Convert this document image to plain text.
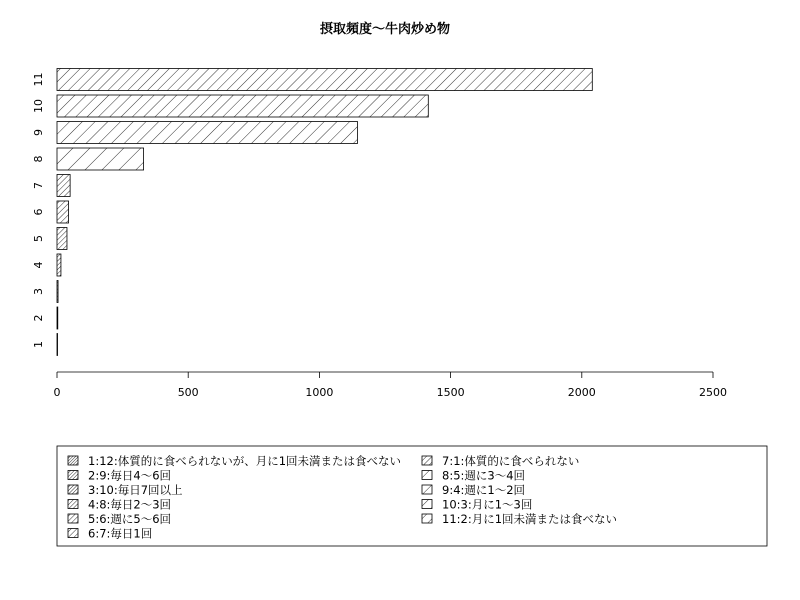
摂取頻度～牛肉炒め物
1
2
3
4
5
6
7
8
9
10
11
0	500	1000	1500	2000	2500
1:12:体質的に食べられないが、月に1回未満または食べない
2:9:毎日4～6回
3:10:毎日7回以上
4:8:毎日2～3回
5:6:週に5～6回
6:7:毎日1回
7:1:体質的に食べられない
8:5:週に3～4回
9:4:週に1～2回
10:3:月に1～3回
11:2:月に1回未満または食べない
